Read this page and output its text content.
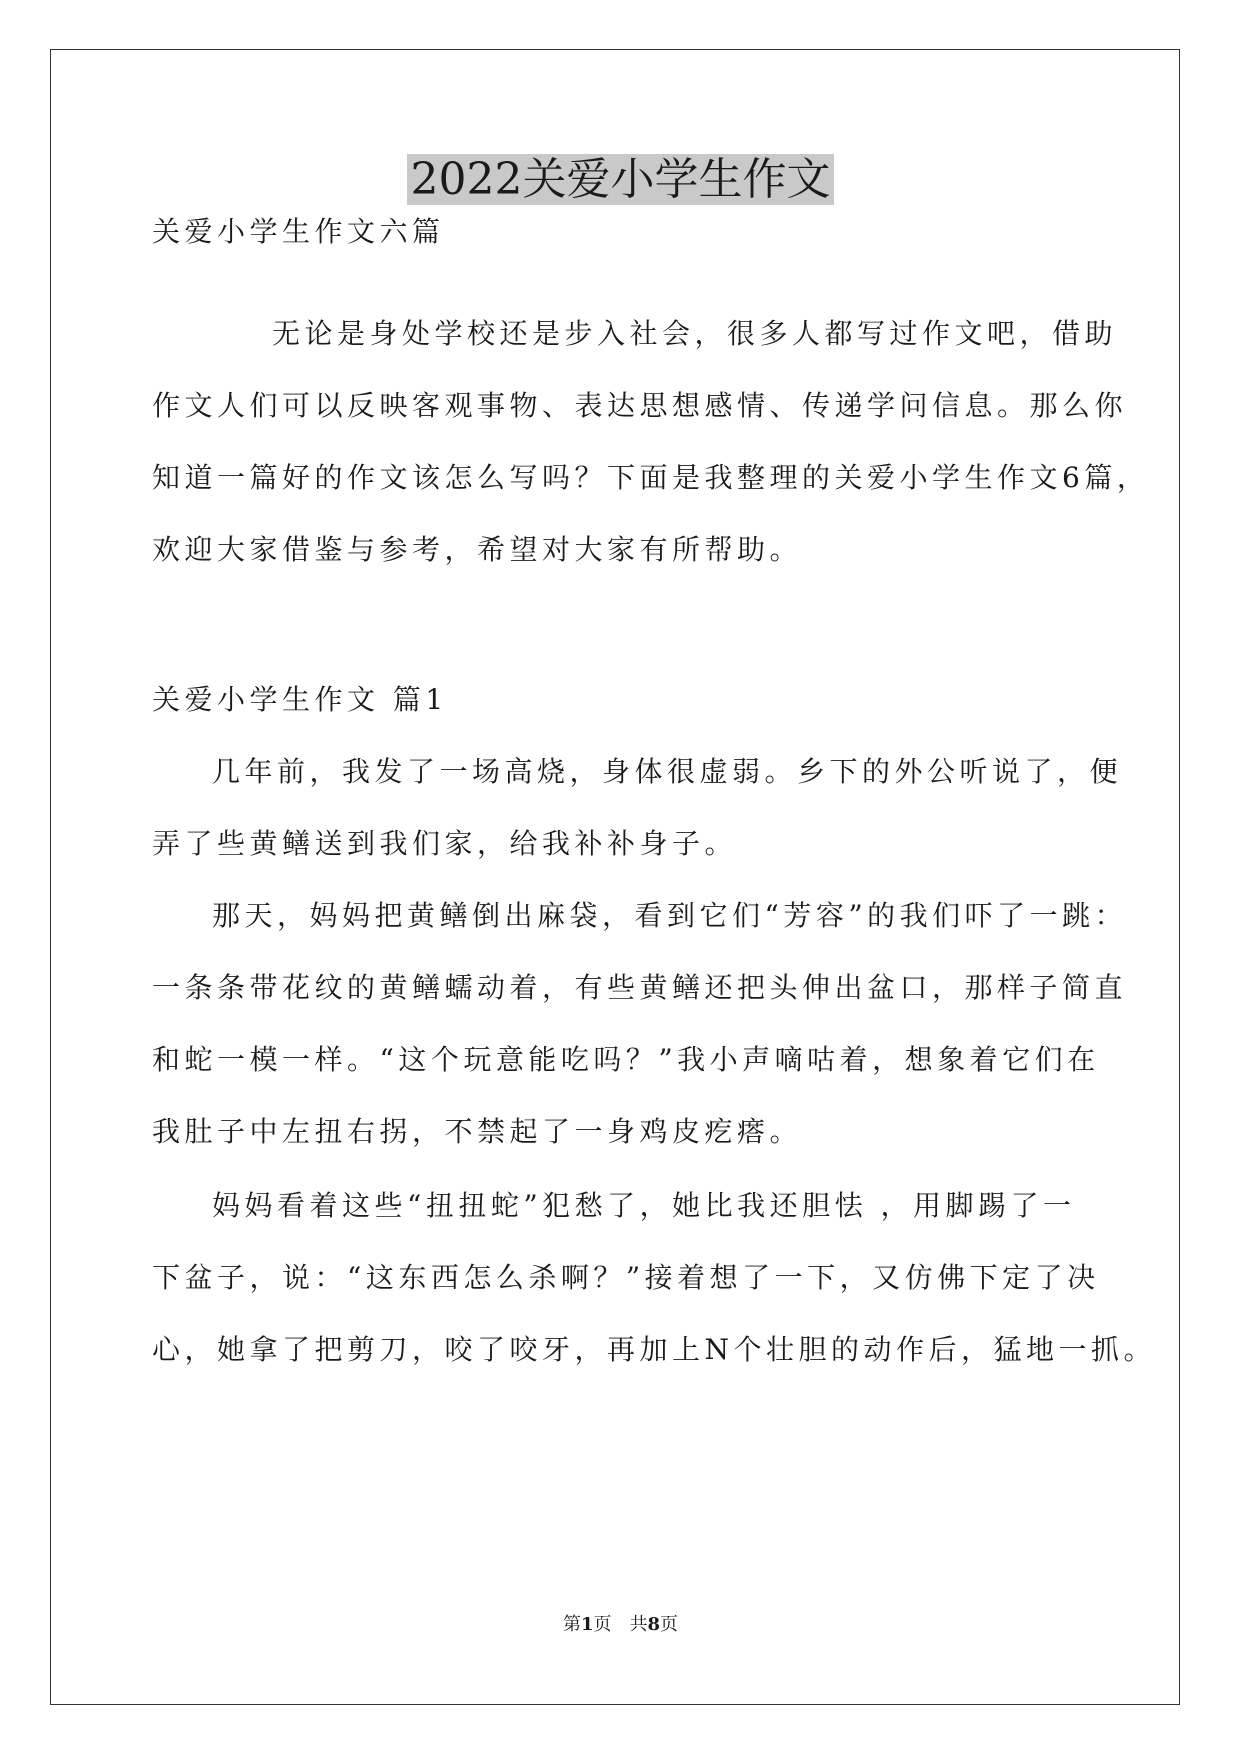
2022关爱小学生作文
关爱小学生作文六篇
无论是身处学校还是步入社会，很多人都写过作文吧，借助
作文人们可以反映客观事物、表达思想感情、传递学问信息。那么你
知道一篇好的作文该怎么写吗？下面是我整理的关爱小学生作文6篇，
欢迎大家借鉴与参考，希望对大家有所帮助。
关爱小学生作文 篇1
几年前，我发了一场高烧，身体很虚弱。乡下的外公听说了，便
弄了些黄鳝送到我们家，给我补补身子。
那天，妈妈把黄鳝倒出麻袋，看到它们“芳容”的我们吓了一跳：
一条条带花纹的黄鳝蠕动着，有些黄鳝还把头伸出盆口，那样子简直
和蛇一模一样。“这个玩意能吃吗？”我小声嘀咕着，想象着它们在
我肚子中左扭右拐，不禁起了一身鸡皮疙瘩。
妈妈看着这些“扭扭蛇”犯愁了，她比我还胆怯 ，用脚踢了一
下盆子，说：“这东西怎么杀啊？”接着想了一下，又仿佛下定了决
心，她拿了把剪刀，咬了咬牙，再加上N个壮胆的动作后，猛地一抓。
第1页　共8页
